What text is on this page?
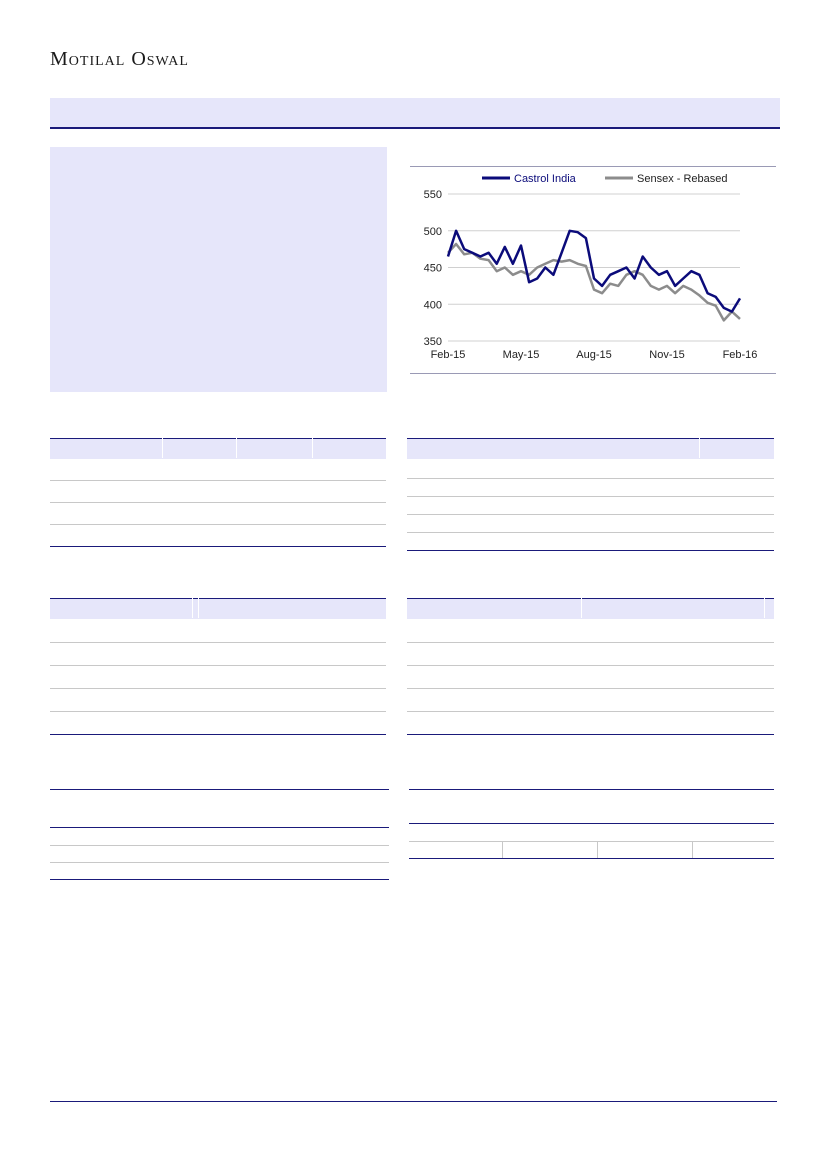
Motilal Oswal
350
400
450
500
550
Feb-15	May-15	Aug-15	Nov-15	Feb-16
Castrol India	Sensex - Rebased
